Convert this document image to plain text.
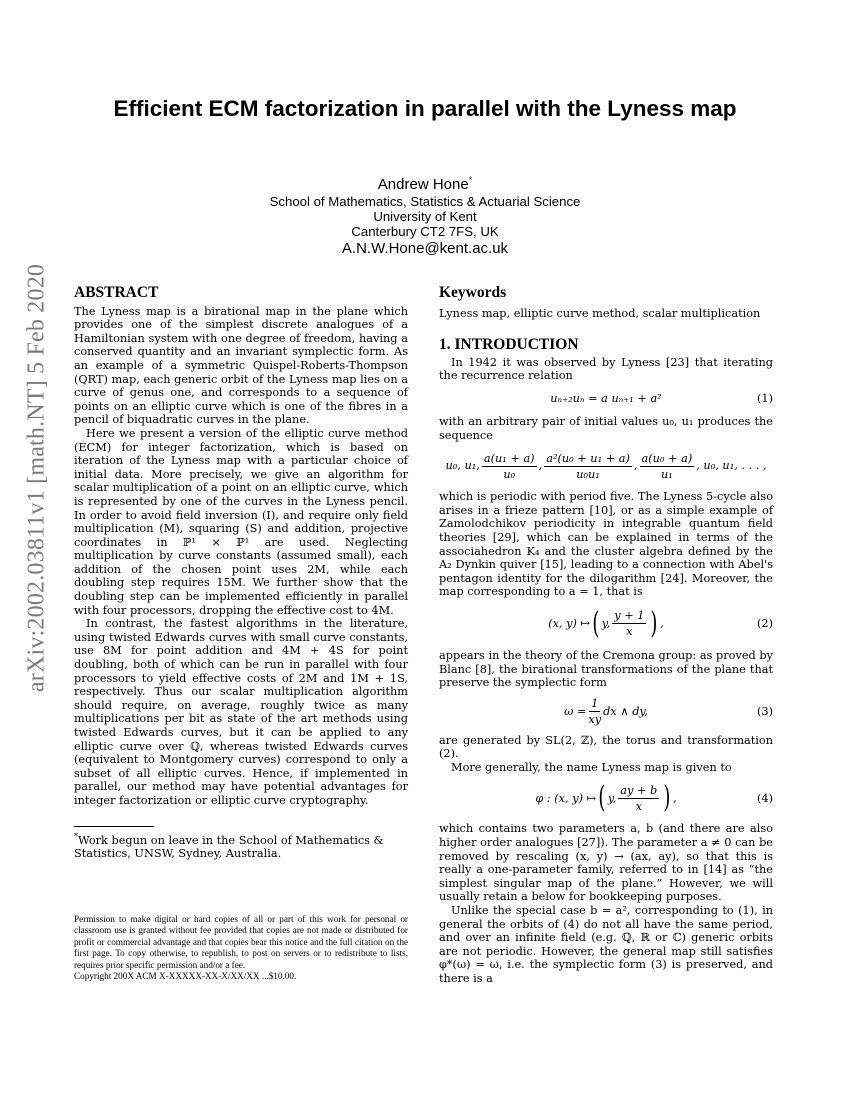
arXiv:2002.03811v1 [math.NT] 5 Feb 2020
Efficient ECM factorization in parallel with the Lyness map
Andrew Hone*
School of Mathematics, Statistics & Actuarial Science
University of Kent
Canterbury CT2 7FS, UK
A.N.W.Hone@kent.ac.uk
ABSTRACT

The Lyness map is a birational map in the plane which provides one of the simplest discrete analogues of a Hamiltonian system with one degree of freedom, having a conserved quantity and an invariant symplectic form. As an example of a symmetric Quispel-Roberts-Thompson (QRT) map, each generic orbit of the Lyness map lies on a curve of genus one, and corresponds to a sequence of points on an elliptic curve which is one of the fibres in a pencil of biquadratic curves in the plane.

Here we present a version of the elliptic curve method (ECM) for integer factorization, which is based on iteration of the Lyness map with a particular choice of initial data. More precisely, we give an algorithm for scalar multiplication of a point on an elliptic curve, which is represented by one of the curves in the Lyness pencil. In order to avoid field inversion (I), and require only field multiplication (M), squaring (S) and addition, projective coordinates in ℙ¹ × ℙ¹ are used. Neglecting multiplication by curve constants (assumed small), each addition of the chosen point uses 2M, while each doubling step requires 15M. We further show that the doubling step can be implemented efficiently in parallel with four processors, dropping the effective cost to 4M.

In contrast, the fastest algorithms in the literature, using twisted Edwards curves with small curve constants, use 8M for point addition and 4M + 4S for point doubling, both of which can be run in parallel with four processors to yield effective costs of 2M and 1M + 1S, respectively. Thus our scalar multiplication algorithm should require, on average, roughly twice as many multiplications per bit as state of the art methods using twisted Edwards curves, but it can be applied to any elliptic curve over ℚ, whereas twisted Edwards curves (equivalent to Montgomery curves) correspond to only a subset of all elliptic curves. Hence, if implemented in parallel, our method may have potential advantages for integer factorization or elliptic curve cryptography.

*Work begun on leave in the School of Mathematics & Statistics, UNSW, Sydney, Australia.
Permission to make digital or hard copies of all or part of this work for personal or classroom use is granted without fee provided that copies are not made or distributed for profit or commercial advantage and that copies bear this notice and the full citation on the first page. To copy otherwise, to republish, to post on servers or to redistribute to lists, requires prior specific permission and/or a fee.
Copyright 200X ACM X-XXXXX-XX-X/XX/XX ...$10.00.
Keywords

Lyness map, elliptic curve method, scalar multiplication

1. INTRODUCTION

In 1942 it was observed by Lyness [23] that iterating the recurrence relation

uₙ₊₂uₙ = a uₙ₊₁ + a²	(1)

with an arbitrary pair of initial values u₀, u₁ produces the sequence

u₀, u₁, $\frac{\text{a(u₁ + a)}}{\text{u₀}}$ , $\frac{\text{a²(u₀ + u₁ + a)}}{\text{u₀u₁}}$ , $\frac{\text{a(u₀ + a)}}{\text{u₁}}$ , u₀, u₁, . . . ,

which is periodic with period five. The Lyness 5-cycle also arises in a frieze pattern [10], or as a simple example of Zamolodchikov periodicity in integrable quantum field theories [29], which can be explained in terms of the associahedron K₄ and the cluster algebra defined by the A₂ Dynkin quiver [15], leading to a connection with Abel's pentagon identity for the dilogarithm [24]. Moreover, the map corresponding to a = 1, that is

(x, y) ↦ ( y, $\frac{y + 1}{x}$ ) ,	(2)

appears in the theory of the Cremona group: as proved by Blanc [8], the birational transformations of the plane that preserve the symplectic form

$\omega = \frac{1}{xy}$ dx ∧ dy,	(3)

are generated by SL(2, ℤ), the torus and transformation (2).

More generally, the name Lyness map is given to

φ : (x, y) ↦ ( y, $\frac{ay + b}{x}$ ) ,	(4)

which contains two parameters a, b (and there are also higher order analogues [27]). The parameter a ≠ 0 can be removed by rescaling (x, y) → (ax, ay), so that this is really a one-parameter family, referred to in [14] as “the simplest singular map of the plane.” However, we will usually retain a below for bookkeeping purposes.

Unlike the special case b = a², corresponding to (1), in general the orbits of (4) do not all have the same period, and over an infinite field (e.g. ℚ, ℝ or ℂ) generic orbits are not periodic. However, the general map still satisfies φ*(ω) = ω, i.e. the symplectic form (3) is preserved, and there is a
